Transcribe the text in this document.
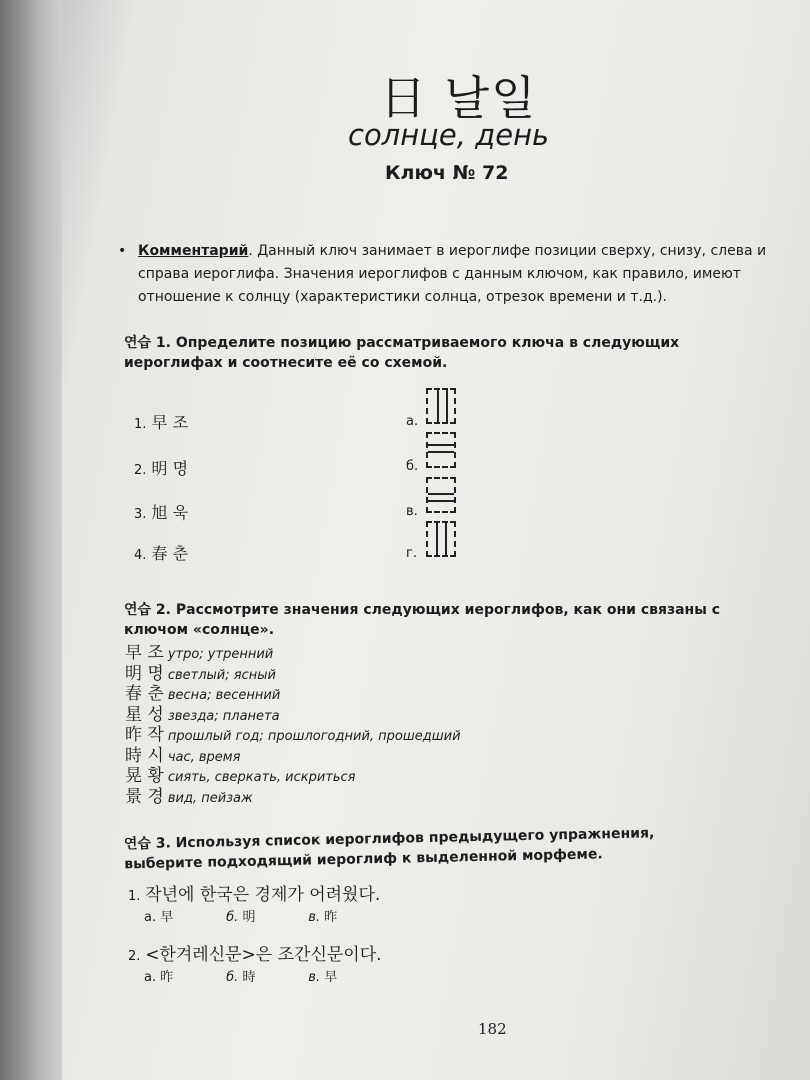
日 날일
солнце, день
Ключ № 72
• Комментарий. Данный ключ занимает в иероглифе позиции сверху, снизу, слева и справа иероглифа. Значения иероглифов с данным ключом, как правило, имеют отношение к солнцу (характеристики солнца, отрезок времени и т.д.).
연습 1. Определите позицию рассматриваемого ключа в следующих иероглифах и соотнесите её со схемой.
1. 早 조
2. 明 명
3. 旭 욱
4. 春 춘
а.
б.
в.
г.
연습 2. Рассмотрите значения следующих иероглифов, как они связаны с ключом «солнце».
早 조 утро; утренний
明 명 светлый; ясный
春 춘 весна; весенний
星 성 звезда; планета
昨 작 прошлый год; прошлогодний, прошедший
時 시 час, время
晃 황 сиять, сверкать, искриться
景 경 вид, пейзаж
연습 3. Используя список иероглифов предыдущего упражнения, выберите подходящий иероглиф к выделенной морфеме.
1. 작년에 한국은 경제가 어려웠다.
а. 早	б. 明	в. 昨
2. <한겨레신문>은 조간신문이다.
а. 昨	б. 時	в. 早
182
